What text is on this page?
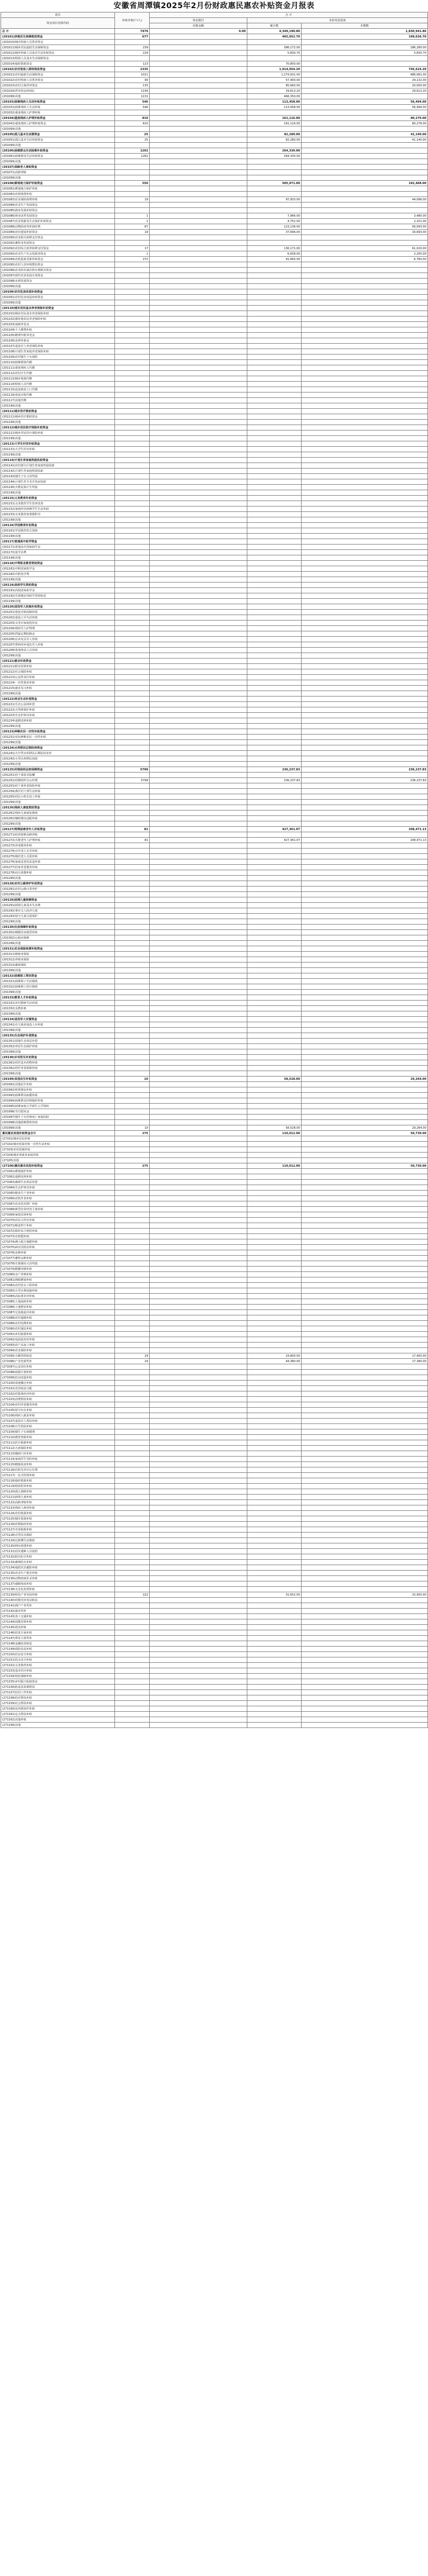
安徽省周潭镇2025年2月份财政惠民惠农补贴资金月报表
项目	补贴对象(户/人)	合 计		
资金项目名称代码		资金拨付	实际发放进度	
		应拨金额	累计数	本期数
总 计	7479	0.00	4,349,190.80	1,830,941.86
(20101)涉税民生保障救助资金	677		465,952.70	199,636.70
(201010)城市特困人员供养资金				
(201011)城乡居民最低生活保障资金	239		386,172.00	186,280.00
(201012)城乡特困人员基本生活补贴资金	224		5,830.70	5,830.70
(201013)特困人员基本生活保障资金				
(201014)临时救助资金	123		70,800.00	
(20102)农村低收入群体救助资金	2335		1,914,054.20	745,624.20
(201021)农村最低生活保障资金	1021		1,274,931.00	486,081.00
(201022)农村特困人员供养资金	90		57,400.00	29,132.00
(201023)农村五保供养资金	135		85,660.00	20,000.00
(201024)供养资金(特困)	1156		29,613.20	29,613.20
(201099)其他	1131		466,350.00	
(20103)困难残疾人生活补贴资金	546		113,458.00	56,494.00
(201031)困难残疾人生活补贴	546		113,458.00	56,494.00
(201032)重度残疾人护理补贴				
(20104)重度残疾人护理补贴资金	810		161,116.00	80,276.00
(201041)重度残疾人护理补贴资金	810		161,116.00	80,276.00
(201099)其他				
(20105)孤儿基本生活费资金	25		82,280.00	41,140.00
(201051)孤儿基本生活补助资金	25		82,280.00	41,140.00
(201099)其他				
(20106)困难群众生活困难补助资金	1262		264,330.00	
(201061)困难群众生活补助资金	1262		264,330.00	
(201099)其他				
(20107)高龄老人津贴资金				
(201071)高龄津贴				
(201099)其他				
(20108)耕地地力保护补贴资金	550		505,971.00	192,468.00
(201081)耕地地力保护补贴				
(201082)农机购置补贴				
(201083)农业保险保费补贴	19		97,933.00	44,096.00
(201084)农业生产发展资金				
(201085)渔业发展补助资金				
(201086)林业改革发展资金	1		7,966.00	3,485.00
(201087)农业资源及生态保护补助资金	1		4,752.00	2,101.00
(201088)动物防疫等补助经费	87		123,136.00	56,093.00
(201089)农田建设补助资金	19		37,696.00	16,693.00
(201090)农业相关转移支付资金				
(201091)畜牧业发展资金				
(201092)农村综合改革转移支付资金	17		136,171.00	61,020.00
(201093)农业生产社会化服务资金	1		6,658.00	2,200.00
(201094)农机报废更新补贴资金	272		91,660.00	6,780.00
(201095)农村人居环境整治资金				
(201096)农业防灾减灾和水利救灾资金				
(201097)现代农业发展专项资金				
(201098)水利发展资金				
(201099)其他				
(20109)农村危房改造补助资金				
(201091)农村危房改造补助资金				
(201099)其他				
(20110)城乡居民基本养老保险补助资金				
(201101)城乡居民基本养老保险补助				
(201102)被征地农民养老保险补贴				
(201103)基础养老金				
(201104)个人缴费补贴				
(201105)缴费年限养老金				
(201106)丧葬补助金				
(201107)退役军人养老保险补贴				
(201108)计划生育家庭养老保险补贴				
(201109)农村独生子女保险				
(201110)困难群体代缴				
(201111)重度残疾人代缴				
(201112)农村计生代缴				
(201113)城乡低保代缴				
(201114)特困人员代缴				
(201115)返贫致贫人口代缴				
(201116)优抚对象代缴				
(201117)其他代缴				
(201199)其他				
(20111)城乡医疗救助资金				
(201111)城乡医疗救助资金				
(201199)其他				
(20112)城乡居民医疗保险补助资金				
(201121)城乡居民医疗保险补助				
(201199)其他				
(20113)大学生村官补贴资金				
(201131)大学生村官补贴				
(201199)其他				
(20114)计划生育家庭奖励扶助资金				
(201141)农村部分计划生育家庭奖励扶助				
(201142)计划生育家庭特别扶助				
(201143)独生子女父母奖励				
(201144)计划生育手术并发症扶助				
(201145)少数民族计生奖励				
(201199)其他				
(20115)义务教育补助资金				
(201151)义务教育学生营养改善				
(201152)家庭经济困难学生生活补助				
(201153)义务教育免费教科书				
(201199)其他				
(20116)学前教育补助资金				
(201161)学前教育幼儿资助				
(201199)其他				
(20117)普通高中助学资金				
(201171)普通高中国家助学金				
(201172)免学杂费				
(201199)其他				
(20118)中等职业教育资助资金				
(201181)中职国家助学金				
(201182)中职免学费				
(201199)其他				
(20119)高校学生资助资金				
(201191)高校国家助学金				
(201192)生源地信用助学贷款贴息				
(201199)其他				
(20120)退役军人抚恤补助资金				
(201201)优抚对象抚恤补助				
(201202)退役士兵生活补助				
(201203)义务兵家庭优待金				
(201204)残疾军人护理费				
(201205)烈属定期抚恤金				
(201206)在乡复员军人补助				
(201207)带病回乡退伍军人补助				
(201208)参战参试人员补助				
(201299)其他				
(20121)就业补助资金				
(201211)职业培训补贴				
(201212)社会保险补贴				
(201213)公益性岗位补贴				
(201214)一次性创业补贴				
(201215)就业见习补贴				
(201299)其他				
(20122)林业生态补偿资金				
(201221)生态公益林补偿				
(201222)天然林保护补助				
(201223)生态护林员补助				
(201224)退耕还林补助				
(201299)其他				
(20123)种粮农民一次性补贴资金				
(201231)实际种粮农民一次性补贴				
(201299)其他				
(20124)水库移民后期扶持资金				
(201241)大中型水库移民后期扶持直补				
(201242)小型水库移民扶助				
(201299)其他				
(20125)村级组织运转保障资金	5799		236,237.83	236,237.83
(201251)村干部基本报酬				
(201252)村级组织办公经费	5799		236,237.83	236,237.83
(201253)村干部养老保险补贴				
(201254)离任村干部生活补贴				
(201255)村民小组长误工补贴				
(201299)其他				
(20126)残疾人康复救助资金				
(201261)残疾儿童康复救助				
(201262)辅助器具适配补贴				
(201299)其他				
(20127)特殊困难老年人补贴资金	81		427,361.07	208,471.13
(201271)经济困难高龄津贴				
(201272)失能老年人护理补贴	81		427,361.07	208,471.13
(201273)养老服务补贴				
(201274)百岁老人长寿补贴				
(201275)独居老人关爱补贴				
(201276)家庭适老化改造补助				
(201277)居家养老服务补助				
(201278)社区助餐补贴				
(201299)其他				
(20128)农村公路养护补助资金				
(201281)农村公路日常养护				
(201299)其他				
(20129)困境儿童保障资金				
(201291)困境儿童基本生活费				
(201292)事实无人抚养儿童				
(201293)留守儿童关爱保护				
(201299)其他				
(20130)住房保障补贴资金				
(201301)城镇住房租赁补贴				
(201302)公租房保障				
(201299)其他				
(20131)农业保险保费补贴资金				
(201311)种植业保险				
(201312)养殖业保险				
(201313)森林保险				
(201399)其他				
(20132)困难职工帮扶资金				
(201321)困难职工生活救助				
(201322)困难职工医疗救助				
(201399)其他				
(20133)教育人才补贴资金				
(201331)乡村教师生活补助				
(201332)支教补助				
(201399)其他				
(20134)退役军人安置资金				
(201341)自主就业退役士兵补助				
(201399)其他				
(20135)生态保护补偿资金				
(201351)湿地生态效益补偿				
(201352)草原生态保护补助				
(201399)其他				
(20136)乡村医生补助资金				
(201361)村医基本药物补助				
(201362)村医养老保障补助				
(201399)其他				
(20199)其他民生补贴资金	10		58,528.00	29,264.00
(201991)其他民生补贴				
(201992)殡葬惠民补贴				
(201993)困难群众取暖补贴				
(201994)困难群众价格临时补贴				
(201995)困难家庭大学新生入学资助				
(201996)节日慰问金				
(201997)独生子女伤残死亡家庭扶助				
(201998)其他困难群体补助				
(201999)其他	10		58,528.00	29,264.00
惠民惠农其他补贴资金合计	275		110,012.00	50,730.00
(27101)城乡居民补贴				
(27102)城乡低保对象一次性生活补贴				
(27103)农村改厕补贴				
(27104)城乡零就业家庭补贴				
(27105)其他				
(27106)惠民惠农其他补贴资金	275		110,012.00	50,730.00
(271061)耕地保护补贴				
(271062)退耕还林补贴				
(271063)森林生态效益补偿				
(271064)生态护林员补助				
(271065)粮食生产者补贴				
(271066)农机作业补贴				
(271067)农业技术推广补贴				
(271068)新型农业经营主体补贴				
(271069)家庭农场补贴				
(271070)农民合作社补贴				
(271071)粮食烘干补贴				
(271072)秸秆综合利用补贴				
(271073)有机肥补贴				
(271074)测土配方施肥补贴				
(271075)病虫害防治补贴				
(271076)良种补贴				
(271077)畜牧良种补贴				
(271078)生猪调出大县奖励				
(271079)能繁母猪补贴				
(271080)水产养殖补贴				
(271081)渔船燃油补贴				
(271082)农村饮水工程补贴				
(271083)小型水利设施补贴				
(271084)高标准农田补贴				
(271085)土地流转补贴				
(271086)土地整治补贴				
(271087)宅基地退出补贴				
(271088)农村道路补贴				
(271089)农村电网补贴				
(271090)农村通信补贴				
(271091)乡村旅游补贴				
(271092)电商进农村补贴				
(271093)农产品加工补贴				
(271094)农业保险补贴				
(271095)小额贷款贴息	29		24,800.00	17,400.00
(271096)产业发展奖补	24		44,380.00	17,380.00
(271097)公益岗位补贴				
(271098)雨露计划补助				
(271099)危房改造补贴				
(271100)易地搬迁补贴				
(271101)光伏收益分配				
(271102)村集体经济补助				
(271103)消费帮扶补贴				
(271104)农村养老服务补贴				
(271105)留守妇女补贴				
(271106)残疾人就业补贴				
(271107)退役军人帮扶补贴				
(271108)计生特扶补贴				
(271109)独生子女保健费				
(271110)教育资助补贴				
(271111)医疗救助补贴				
(271112)大病保险补贴				
(271113)慢病门诊补贴				
(271114)家庭医生签约补贴				
(271115)健康扶贫补贴				
(271116)住院先诊疗后付费				
(271117)一站式结算补贴				
(271118)临时救助补贴				
(271119)特困供养补贴				
(271120)孤儿保障补贴				
(271121)困境儿童补贴				
(271122)高龄津贴补贴				
(271123)残疾人两项补贴				
(271124)农村低保补贴				
(271125)城市低保补贴				
(271126)价格临时补贴				
(271127)冬春救助补贴				
(271128)自然灾害救助				
(271129)过渡期生活救助				
(271130)倒房重建补助				
(271131)因灾遇难人员抚慰				
(271132)防汛抗旱补贴				
(271133)森林防火补贴				
(271134)地质灾害避险补贴				
(271135)农业生产救灾补贴				
(271136)动物疫病扑杀补贴				
(271137)强制免疫补贴				
(271138)无害化处理补贴				
(271139)特色产业发展补贴	222		31,652.00	15,950.00
(271140)村级光伏电站收益				
(271141)到户产业奖补				
(271142)就业奖补				
(271143)务工交通补贴				
(271144)技能培训补贴				
(271145)创业补贴				
(271146)扶贫车间补贴				
(271147)带贫主体奖补				
(271148)金融扶贫贴息				
(271149)保险扶贫补贴				
(271150)住房安全补贴				
(271151)饮水安全补贴				
(271152)义务教育补贴				
(271153)基本医疗补贴				
(271154)兜底保障补贴				
(271155)乡村振兴衔接资金				
(271156)防返贫监测帮扶				
(271157)驻村工作补贴				
(271158)结对帮扶补贴				
(271159)社会帮扶补贴				
(271160)东西部协作补贴				
(271161)定点帮扶补贴				
(271162)其他补贴				
(271199)其他				
